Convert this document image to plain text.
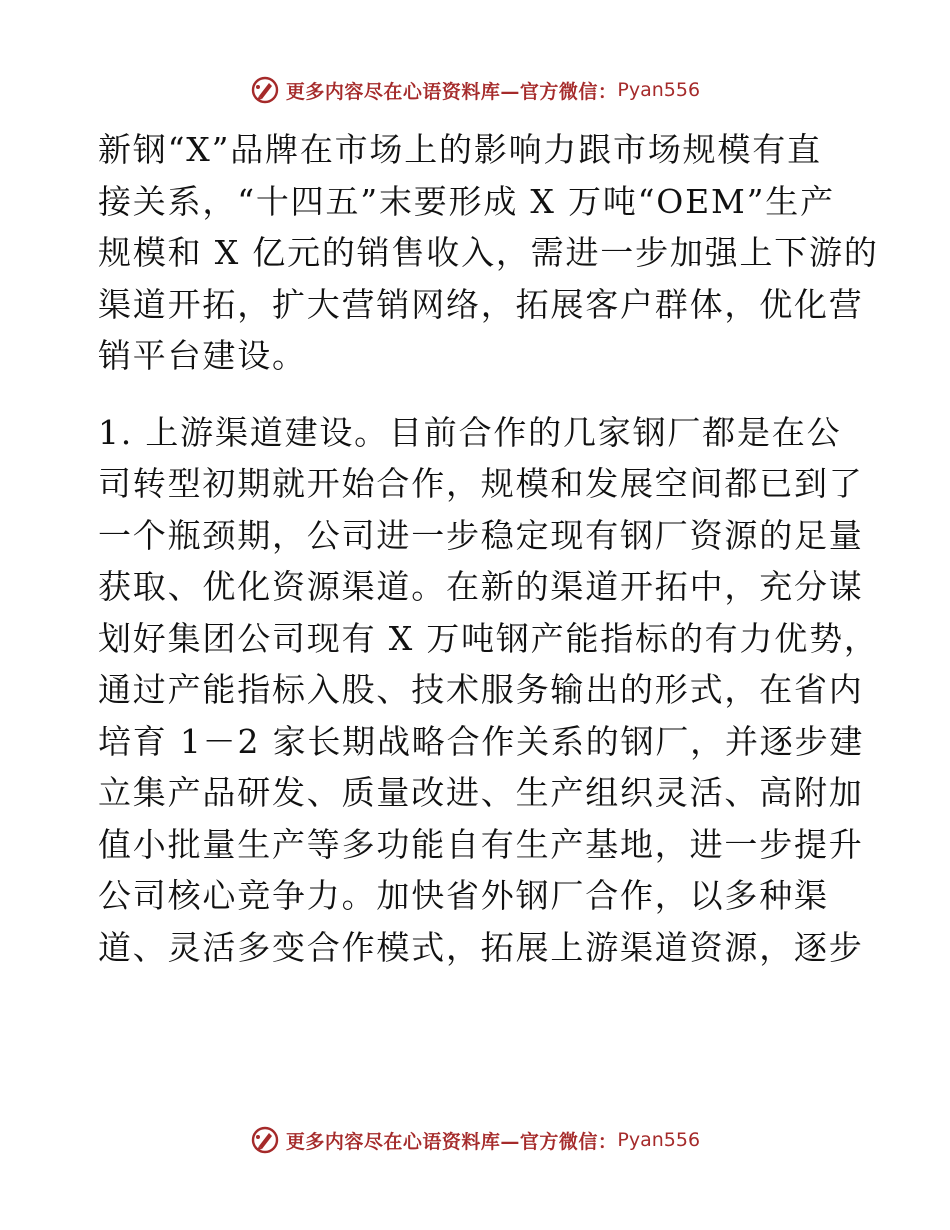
更多内容尽在心语资料库—官方微信： Pyan556

新钢“X”品牌在市场上的影响力跟市场规模有直
接关系，“十四五”末要形成 X 万吨“OEM”生产
规模和 X 亿元的销售收入，需进一步加强上下游的
渠道开拓，扩大营销网络，拓展客户群体，优化营
销平台建设。

1. 上游渠道建设。目前合作的几家钢厂都是在公
司转型初期就开始合作，规模和发展空间都已到了
一个瓶颈期，公司进一步稳定现有钢厂资源的足量
获取、优化资源渠道。在新的渠道开拓中，充分谋
划好集团公司现有 X 万吨钢产能指标的有力优势，
通过产能指标入股、技术服务输出的形式，在省内
培育 1－2 家长期战略合作关系的钢厂，并逐步建
立集产品研发、质量改进、生产组织灵活、高附加
值小批量生产等多功能自有生产基地，进一步提升
公司核心竞争力。加快省外钢厂合作，以多种渠
道、灵活多变合作模式，拓展上游渠道资源，逐步

更多内容尽在心语资料库—官方微信： Pyan556
